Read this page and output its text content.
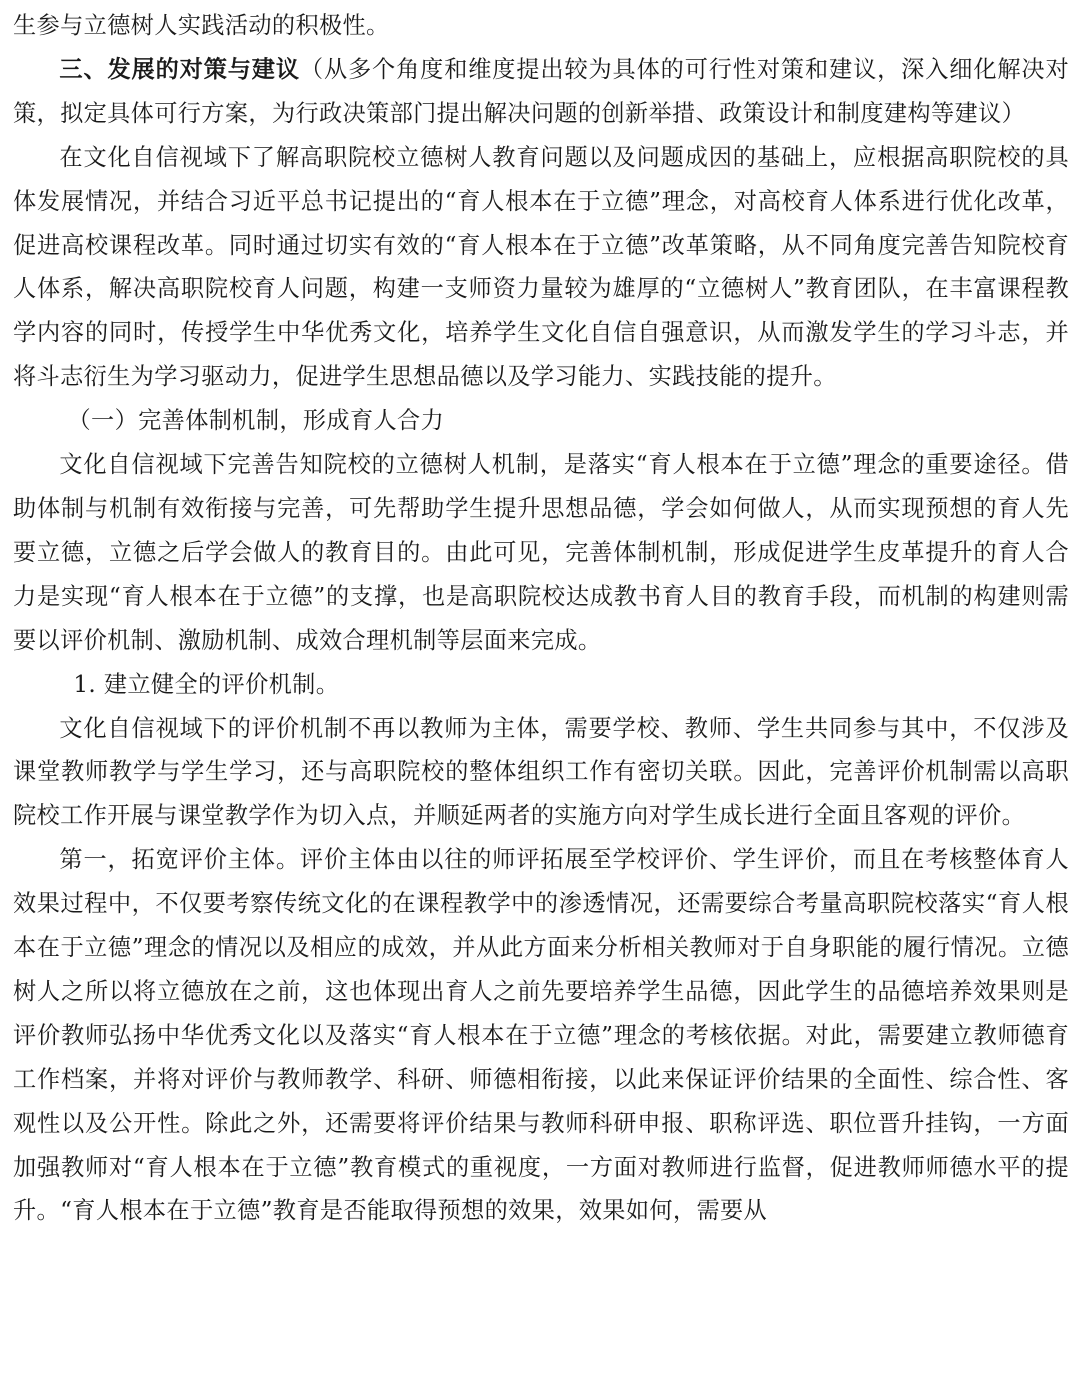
生参与立德树人实践活动的积极性。

三、发展的对策与建议（从多个角度和维度提出较为具体的可行性对策和建议，深入细化解决对策，拟定具体可行方案，为行政决策部门提出解决问题的创新举措、政策设计和制度建构等建议）

在文化自信视域下了解高职院校立德树人教育问题以及问题成因的基础上，应根据高职院校的具体发展情况，并结合习近平总书记提出的“育人根本在于立德”理念，对高校育人体系进行优化改革，促进高校课程改革。同时通过切实有效的“育人根本在于立德”改革策略，从不同角度完善告知院校育人体系，解决高职院校育人问题，构建一支师资力量较为雄厚的“立德树人”教育团队，在丰富课程教学内容的同时，传授学生中华优秀文化，培养学生文化自信自强意识，从而激发学生的学习斗志，并将斗志衍生为学习驱动力，促进学生思想品德以及学习能力、实践技能的提升。

（一）完善体制机制，形成育人合力

文化自信视域下完善告知院校的立德树人机制，是落实“育人根本在于立德”理念的重要途径。借助体制与机制有效衔接与完善，可先帮助学生提升思想品德，学会如何做人，从而实现预想的育人先要立德，立德之后学会做人的教育目的。由此可见，完善体制机制，形成促进学生皮革提升的育人合力是实现“育人根本在于立德”的支撑，也是高职院校达成教书育人目的教育手段，而机制的构建则需要以评价机制、激励机制、成效合理机制等层面来完成。

1. 建立健全的评价机制。

文化自信视域下的评价机制不再以教师为主体，需要学校、教师、学生共同参与其中，不仅涉及课堂教师教学与学生学习，还与高职院校的整体组织工作有密切关联。因此，完善评价机制需以高职院校工作开展与课堂教学作为切入点，并顺延两者的实施方向对学生成长进行全面且客观的评价。

第一，拓宽评价主体。评价主体由以往的师评拓展至学校评价、学生评价，而且在考核整体育人效果过程中，不仅要考察传统文化的在课程教学中的渗透情况，还需要综合考量高职院校落实“育人根本在于立德”理念的情况以及相应的成效，并从此方面来分析相关教师对于自身职能的履行情况。立德树人之所以将立德放在之前，这也体现出育人之前先要培养学生品德，因此学生的品德培养效果则是评价教师弘扬中华优秀文化以及落实“育人根本在于立德”理念的考核依据。对此，需要建立教师德育工作档案，并将对评价与教师教学、科研、师德相衔接，以此来保证评价结果的全面性、综合性、客观性以及公开性。除此之外，还需要将评价结果与教师科研申报、职称评选、职位晋升挂钩，一方面加强教师对“育人根本在于立德”教育模式的重视度，一方面对教师进行监督，促进教师师德水平的提升。“育人根本在于立德”教育是否能取得预想的效果，效果如何，需要从
